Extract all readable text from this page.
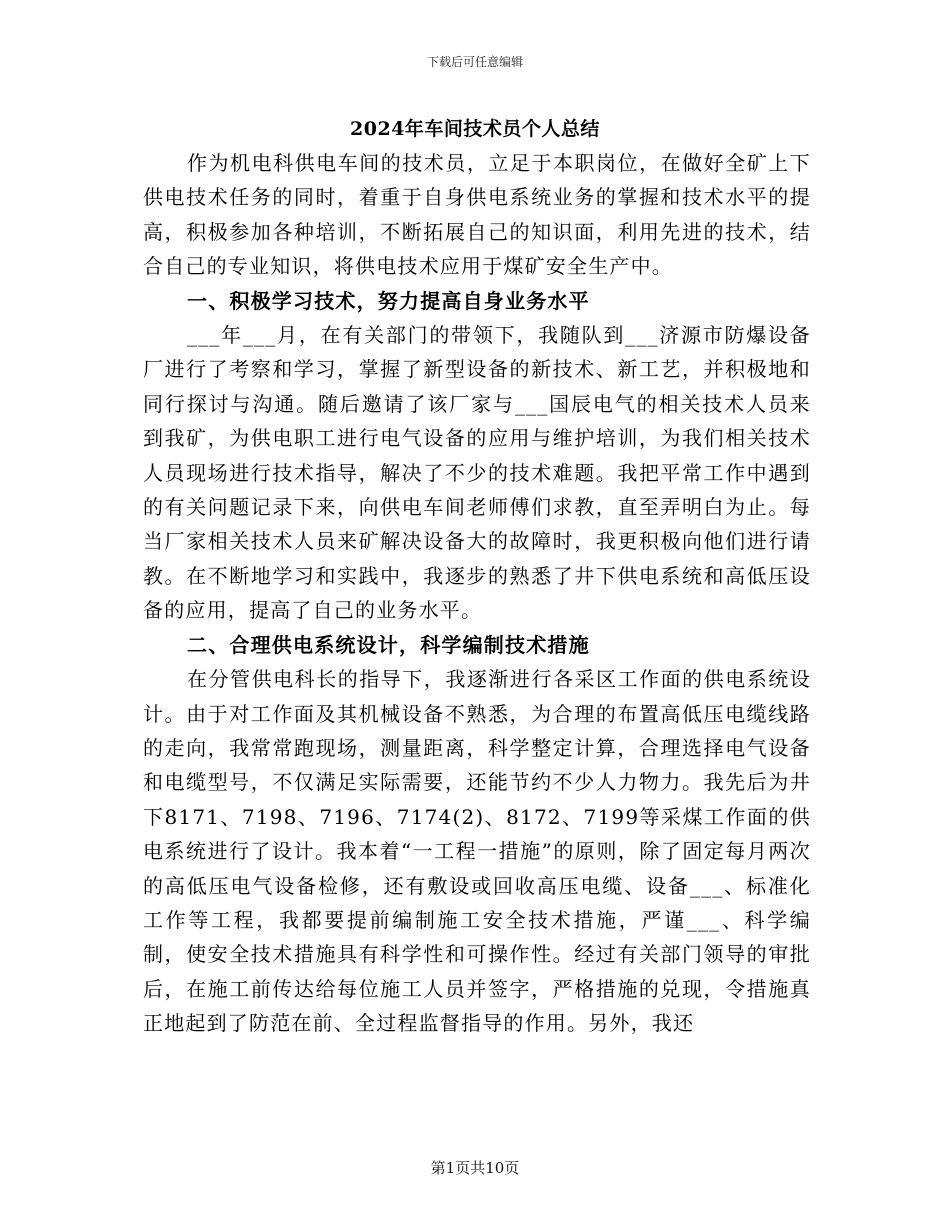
下载后可任意编辑
2024年车间技术员个人总结

作为机电科供电车间的技术员，立足于本职岗位，在做好全矿上下供电技术任务的同时，着重于自身供电系统业务的掌握和技术水平的提高，积极参加各种培训，不断拓展自己的知识面，利用先进的技术，结合自己的专业知识，将供电技术应用于煤矿安全生产中。

一、积极学习技术，努力提高自身业务水平

___年___月，在有关部门的带领下，我随队到___济源市防爆设备厂进行了考察和学习，掌握了新型设备的新技术、新工艺，并积极地和同行探讨与沟通。随后邀请了该厂家与___国辰电气的相关技术人员来到我矿，为供电职工进行电气设备的应用与维护培训，为我们相关技术人员现场进行技术指导，解决了不少的技术难题。我把平常工作中遇到的有关问题记录下来，向供电车间老师傅们求教，直至弄明白为止。每当厂家相关技术人员来矿解决设备大的故障时，我更积极向他们进行请教。在不断地学习和实践中，我逐步的熟悉了井下供电系统和高低压设备的应用，提高了自己的业务水平。

二、合理供电系统设计，科学编制技术措施

在分管供电科长的指导下，我逐渐进行各采区工作面的供电系统设计。由于对工作面及其机械设备不熟悉，为合理的布置高低压电缆线路的走向，我常常跑现场，测量距离，科学整定计算，合理选择电气设备和电缆型号，不仅满足实际需要，还能节约不少人力物力。我先后为井下8171、7198、7196、7174(2)、8172、7199等采煤工作面的供电系统进行了设计。我本着“一工程一措施”的原则，除了固定每月两次的高低压电气设备检修，还有敷设或回收高压电缆、设备___、标准化工作等工程，我都要提前编制施工安全技术措施，严谨___、科学编制，使安全技术措施具有科学性和可操作性。经过有关部门领导的审批后，在施工前传达给每位施工人员并签字，严格措施的兑现，令措施真正地起到了防范在前、全过程监督指导的作用。另外，我还

第1页共10页
